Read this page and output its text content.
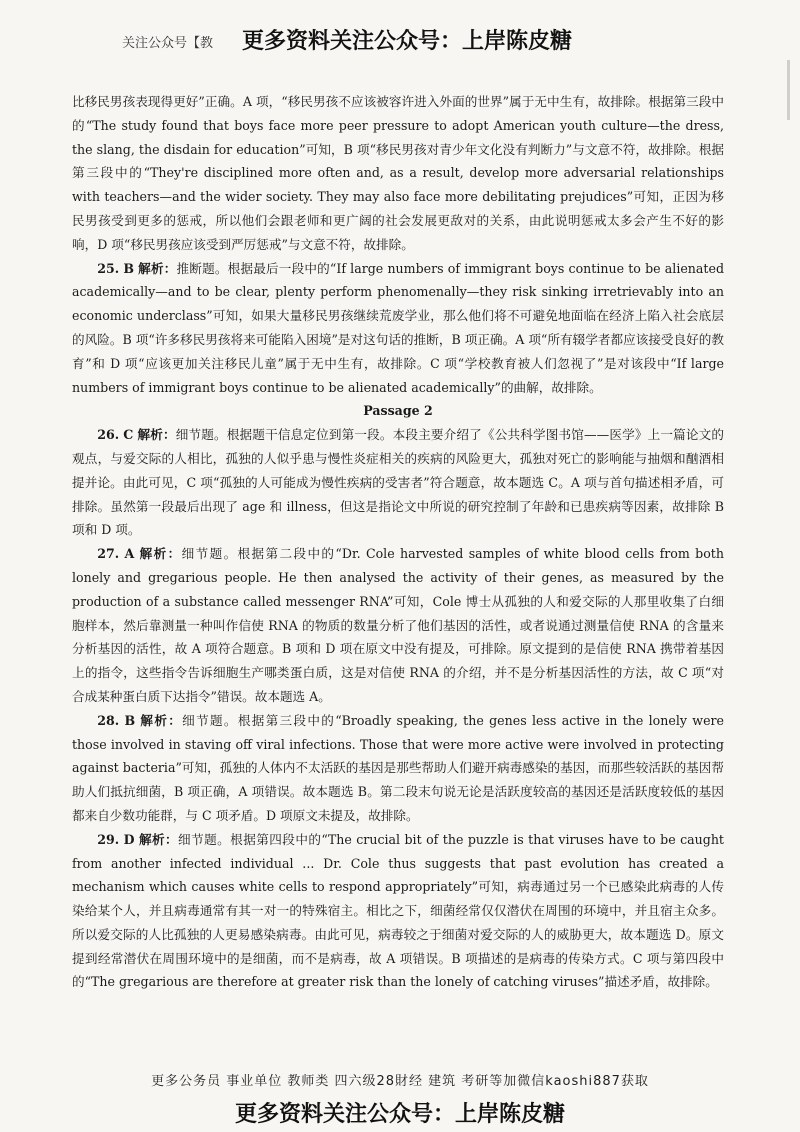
关注公众号【教 更多资料关注公众号：上岸陈皮糖

比移民男孩表现得更好”正确。A 项，“移民男孩不应该被容许进入外面的世界”属于无中生有，故排除。根据第三段中的“The study found that boys face more peer pressure to adopt American youth culture—the dress, the slang, the disdain for education”可知，B 项“移民男孩对青少年文化没有判断力”与文意不符，故排除。根据第三段中的“They're disciplined more often and, as a result, develop more adversarial relationships with teachers—and the wider society. They may also face more debilitating prejudices”可知，正因为移民男孩受到更多的惩戒，所以他们会跟老师和更广阔的社会发展更敌对的关系，由此说明惩戒太多会产生不好的影响，D 项“移民男孩应该受到严厉惩戒”与文意不符，故排除。

25. B 解析：推断题。根据最后一段中的“If large numbers of immigrant boys continue to be alienated academically—and to be clear, plenty perform phenomenally—they risk sinking irretrievably into an economic underclass”可知，如果大量移民男孩继续荒废学业，那么他们将不可避免地面临在经济上陷入社会底层的风险。B 项“许多移民男孩将来可能陷入困境”是对这句话的推断，B 项正确。A 项“所有辍学者都应该接受良好的教育”和 D 项“应该更加关注移民儿童”属于无中生有，故排除。C 项“学校教育被人们忽视了”是对该段中“If large numbers of immigrant boys continue to be alienated academically”的曲解，故排除。

Passage 2

26. C 解析：细节题。根据题干信息定位到第一段。本段主要介绍了《公共科学图书馆——医学》上一篇论文的观点，与爱交际的人相比，孤独的人似乎患与慢性炎症相关的疾病的风险更大，孤独对死亡的影响能与抽烟和酗酒相提并论。由此可见，C 项“孤独的人可能成为慢性疾病的受害者”符合题意，故本题选 C。A 项与首句描述相矛盾，可排除。虽然第一段最后出现了 age 和 illness，但这是指论文中所说的研究控制了年龄和已患疾病等因素，故排除 B 项和 D 项。

27. A 解析：细节题。根据第二段中的“Dr. Cole harvested samples of white blood cells from both lonely and gregarious people. He then analysed the activity of their genes, as measured by the production of a substance called messenger RNA”可知，Cole 博士从孤独的人和爱交际的人那里收集了白细胞样本，然后靠测量一种叫作信使 RNA 的物质的数量分析了他们基因的活性，或者说通过测量信使 RNA 的含量来分析基因的活性，故 A 项符合题意。B 项和 D 项在原文中没有提及，可排除。原文提到的是信使 RNA 携带着基因上的指令，这些指令告诉细胞生产哪类蛋白质，这是对信使 RNA 的介绍，并不是分析基因活性的方法，故 C 项“对合成某种蛋白质下达指令”错误。故本题选 A。

28. B 解析：细节题。根据第三段中的“Broadly speaking, the genes less active in the lonely were those involved in staving off viral infections. Those that were more active were involved in protecting against bacteria”可知，孤独的人体内不太活跃的基因是那些帮助人们避开病毒感染的基因，而那些较活跃的基因帮助人们抵抗细菌，B 项正确，A 项错误。故本题选 B。第二段末句说无论是活跃度较高的基因还是活跃度较低的基因都来自少数功能群，与 C 项矛盾。D 项原文未提及，故排除。

29. D 解析：细节题。根据第四段中的“The crucial bit of the puzzle is that viruses have to be caught from another infected individual ... Dr. Cole thus suggests that past evolution has created a mechanism which causes white cells to respond appropriately”可知，病毒通过另一个已感染此病毒的人传染给某个人，并且病毒通常有其一对一的特殊宿主。相比之下，细菌经常仅仅潜伏在周围的环境中，并且宿主众多。所以爱交际的人比孤独的人更易感染病毒。由此可见，病毒较之于细菌对爱交际的人的威胁更大，故本题选 D。原文提到经常潜伏在周围环境中的是细菌，而不是病毒，故 A 项错误。B 项描述的是病毒的传染方式。C 项与第四段中的“The gregarious are therefore at greater risk than the lonely of catching viruses”描述矛盾，故排除。

更多公务员 事业单位 教师类 四六级28財经 建筑 考研等加微信kaoshi887获取
更多资料关注公众号：上岸陈皮糖
